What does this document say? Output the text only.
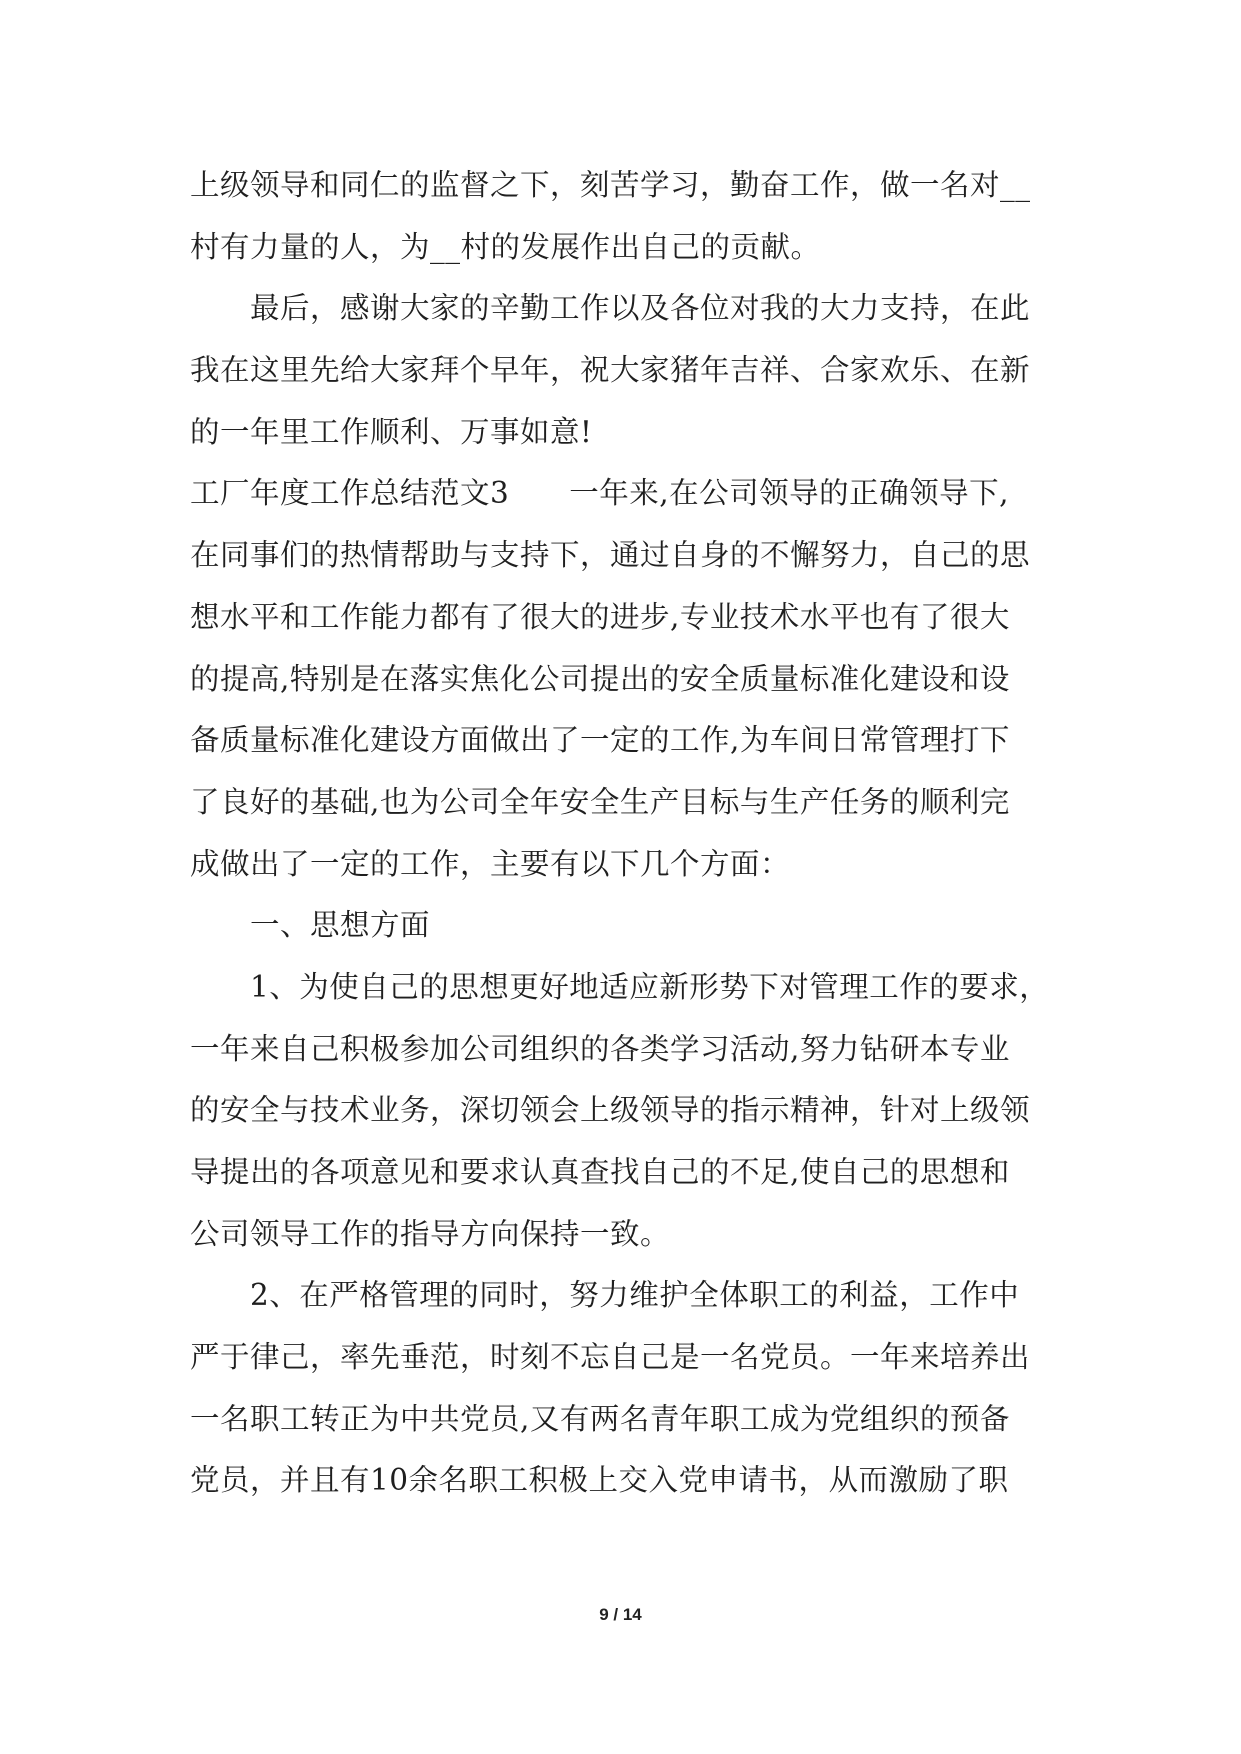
上级领导和同仁的监督之下，刻苦学习，勤奋工作，做一名对__
村有力量的人，为__村的发展作出自己的贡献。
最后，感谢大家的辛勤工作以及各位对我的大力支持，在此
我在这里先给大家拜个早年，祝大家猪年吉祥、合家欢乐、在新
的一年里工作顺利、万事如意!
工厂年度工作总结范文3 一年来,在公司领导的正确领导下,
在同事们的热情帮助与支持下，通过自身的不懈努力，自己的思
想水平和工作能力都有了很大的进步,专业技术水平也有了很大
的提高,特别是在落实焦化公司提出的安全质量标准化建设和设
备质量标准化建设方面做出了一定的工作,为车间日常管理打下
了良好的基础,也为公司全年安全生产目标与生产任务的顺利完
成做出了一定的工作，主要有以下几个方面：
一、思想方面
1、为使自己的思想更好地适应新形势下对管理工作的要求，
一年来自己积极参加公司组织的各类学习活动,努力钻研本专业
的安全与技术业务，深切领会上级领导的指示精神，针对上级领
导提出的各项意见和要求认真查找自己的不足,使自己的思想和
公司领导工作的指导方向保持一致。
2、在严格管理的同时，努力维护全体职工的利益，工作中
严于律己，率先垂范，时刻不忘自己是一名党员。一年来培养出
一名职工转正为中共党员,又有两名青年职工成为党组织的预备
党员，并且有10余名职工积极上交入党申请书，从而激励了职
9 / 14
